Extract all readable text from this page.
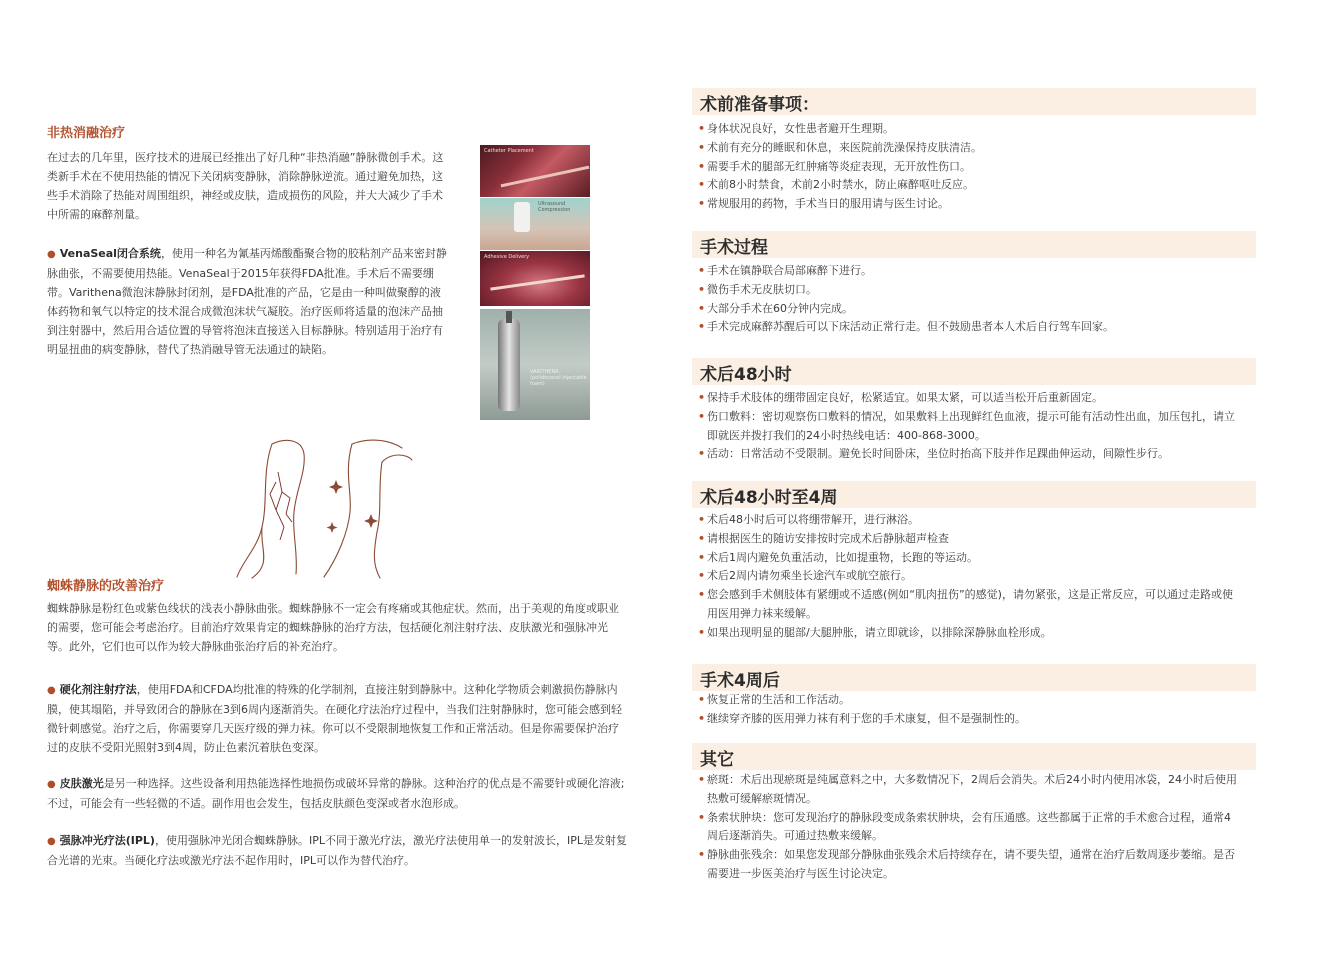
非热消融治疗
在过去的几年里，医疗技术的进展已经推出了好几种“非热消融”静脉微创手术。这类新手术在不使用热能的情况下关闭病变静脉，消除静脉逆流。通过避免加热，这些手术消除了热能对周围组织，神经或皮肤，造成损伤的风险，并大大减少了手术中所需的麻醉剂量。
● VenaSeal闭合系统，使用一种名为氰基丙烯酸酯聚合物的胶粘剂产品来密封静脉曲张，不需要使用热能。VenaSeal于2015年获得FDA批准。手术后不需要绷带。Varithena微泡沫静脉封闭剂，是FDA批准的产品，它是由一种叫做聚醇的液体药物和氧气以特定的技术混合成微泡沫状气凝胶。治疗医师将适量的泡沫产品抽到注射器中，然后用合适位置的导管将泡沫直接送入目标静脉。特别适用于治疗有明显扭曲的病变静脉，替代了热消融导管无法通过的缺陷。
Catheter Placement
Ultrasound Compression
Adhesive Delivery
VARITHENA (polidocanol injectable foam)
蜘蛛静脉的改善治疗
蜘蛛静脉是粉红色或紫色线状的浅表小静脉曲张。蜘蛛静脉不一定会有疼痛或其他症状。然而，出于美观的角度或职业的需要，您可能会考虑治疗。目前治疗效果肯定的蜘蛛静脉的治疗方法，包括硬化剂注射疗法、皮肤激光和强脉冲光等。此外，它们也可以作为较大静脉曲张治疗后的补充治疗。
● 硬化剂注射疗法，使用FDA和CFDA均批准的特殊的化学制剂，直接注射到静脉中。这种化学物质会刺激损伤静脉内膜，使其塌陷，并导致闭合的静脉在3到6周内逐渐消失。在硬化疗法治疗过程中，当我们注射静脉时，您可能会感到轻微针刺感觉。治疗之后，你需要穿几天医疗级的弹力袜。你可以不受限制地恢复工作和正常活动。但是你需要保护治疗过的皮肤不受阳光照射3到4周，防止色素沉着肤色变深。
● 皮肤激光是另一种选择。这些设备利用热能选择性地损伤或破坏异常的静脉。这种治疗的优点是不需要针或硬化溶液;不过，可能会有一些轻微的不适。副作用也会发生，包括皮肤颜色变深或者水泡形成。
● 强脉冲光疗法(IPL)，使用强脉冲光闭合蜘蛛静脉。IPL不同于激光疗法，激光疗法使用单一的发射波长，IPL是发射复合光谱的光束。当硬化疗法或激光疗法不起作用时，IPL可以作为替代治疗。
术前准备事项：
• 身体状况良好，女性患者避开生理期。
• 术前有充分的睡眠和休息，来医院前洗澡保持皮肤清洁。
• 需要手术的腿部无红肿痛等炎症表现，无开放性伤口。
• 术前8小时禁食，术前2小时禁水，防止麻醉呕吐反应。
• 常规服用的药物，手术当日的服用请与医生讨论。
手术过程
• 手术在镇静联合局部麻醉下进行。
• 微伤手术无皮肤切口。
• 大部分手术在60分钟内完成。
• 手术完成麻醉苏醒后可以下床活动正常行走。但不鼓励患者本人术后自行驾车回家。
术后48小时
• 保持手术肢体的绷带固定良好，松紧适宜。如果太紧，可以适当松开后重新固定。
• 伤口敷料：密切观察伤口敷料的情况，如果敷料上出现鲜红色血液，提示可能有活动性出血，加压包扎，请立即就医并拨打我们的24小时热线电话：400-868-3000。
• 活动：日常活动不受限制。避免长时间卧床，坐位时抬高下肢并作足踝曲伸运动，间隙性步行。
术后48小时至4周
• 术后48小时后可以将绷带解开，进行淋浴。
• 请根据医生的随访安排按时完成术后静脉超声检查
• 术后1周内避免负重活动，比如提重物，长跑的等运动。
• 术后2周内请勿乘坐长途汽车或航空旅行。
• 您会感到手术侧肢体有紧绷或不适感(例如“肌肉扭伤”的感觉)，请勿紧张，这是正常反应，可以通过走路或使用医用弹力袜来缓解。
• 如果出现明显的腿部/大腿肿胀，请立即就诊，以排除深静脉血栓形成。
手术4周后
• 恢复正常的生活和工作活动。
• 继续穿齐膝的医用弹力袜有利于您的手术康复，但不是强制性的。
其它
• 瘀斑：术后出现瘀斑是纯属意料之中，大多数情况下，2周后会消失。术后24小时内使用冰袋，24小时后使用热敷可缓解瘀斑情况。
• 条索状肿块：您可发现治疗的静脉段变成条索状肿块，会有压通感。这些都属于正常的手术愈合过程，通常4周后逐渐消失。可通过热敷来缓解。
• 静脉曲张残余：如果您发现部分静脉曲张残余术后持续存在，请不要失望，通常在治疗后数周逐步萎缩。是否需要进一步医美治疗与医生讨论决定。
